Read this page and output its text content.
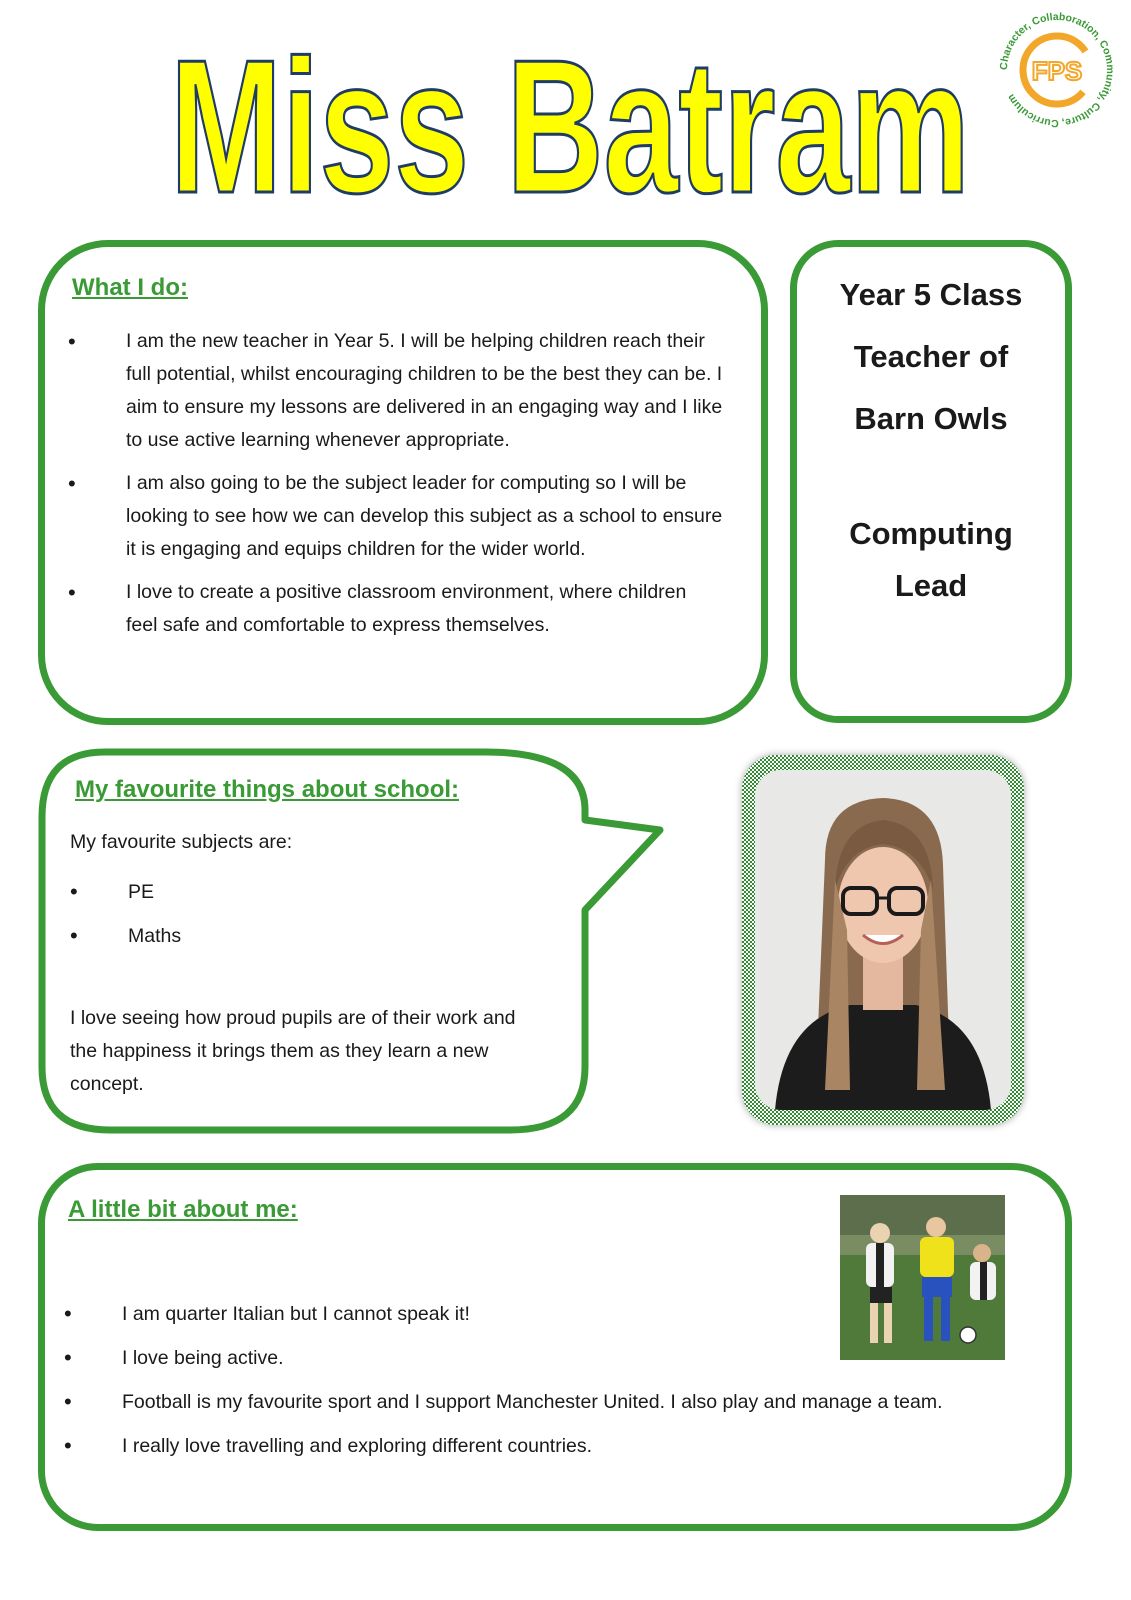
Miss Batram	Character, Collaboration, Community, Culture, Curriculum
FPS
What I do:
• I am the new teacher in Year 5. I will be helping children reach their full potential, whilst encouraging children to be the best they can be. I aim to ensure my lessons are delivered in an engaging way and I like to use active learning whenever appropriate.
• I am also going to be the subject leader for computing so I will be looking to see how we can develop this subject as a school to ensure it is engaging and equips children for the wider world.
• I love to create a positive classroom environment, where children feel safe and comfortable to express themselves.
Year 5 Class
Teacher of
Barn Owls
Computing
Lead
My favourite things about school:
My favourite subjects are:
• PE
• Maths
I love seeing how proud pupils are of their work and the happiness it brings them as they learn a new concept.
A little bit about me:
• I am quarter Italian but I cannot speak it!
• I love being active.
• Football is my favourite sport and I support Manchester United. I also play and manage a team.
• I really love travelling and exploring different countries.
